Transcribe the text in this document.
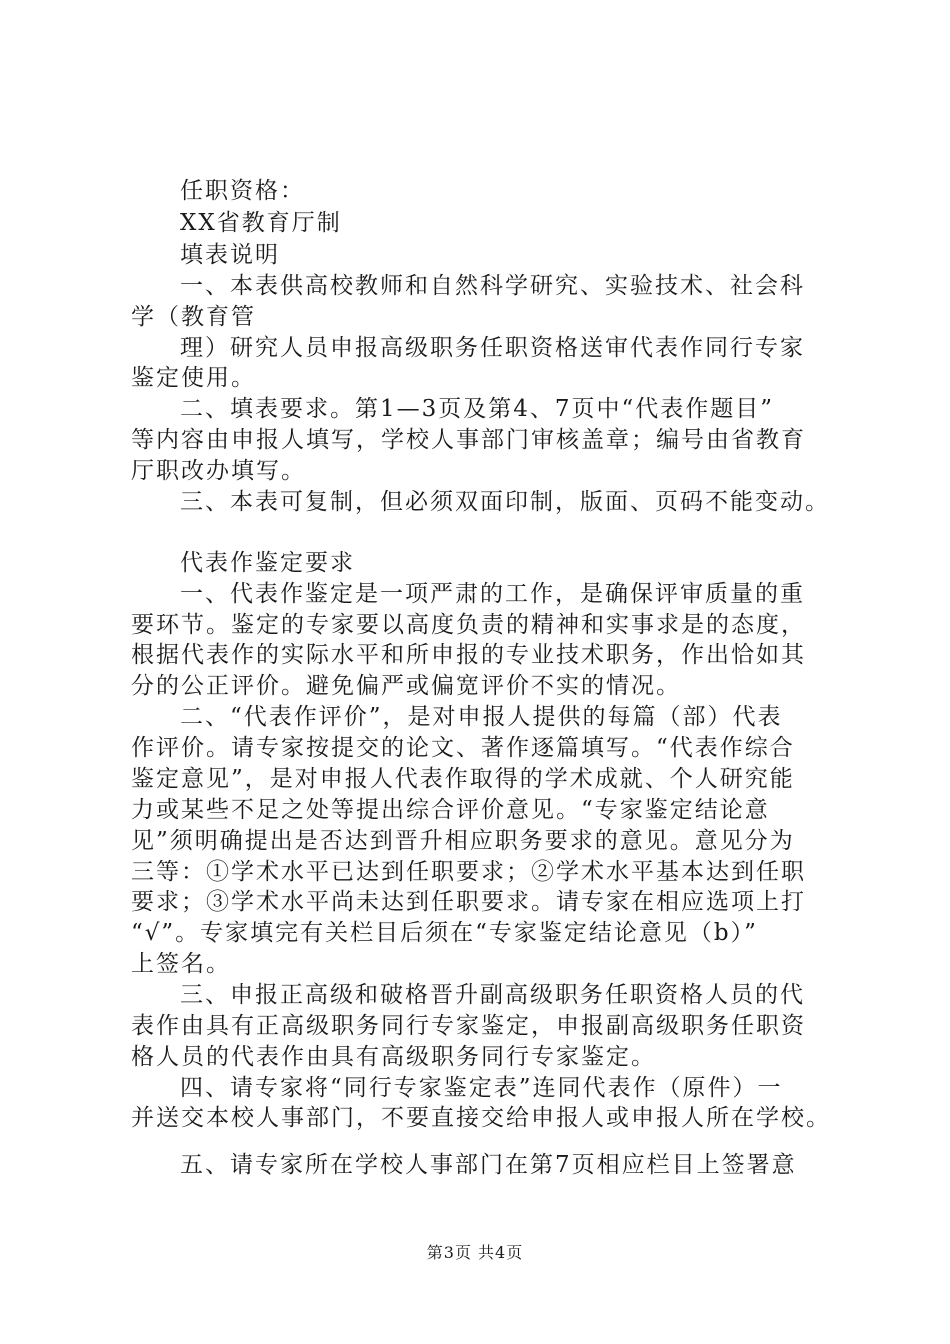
任职资格：
XX省教育厅制
填表说明
一、本表供高校教师和自然科学研究、实验技术、社会科
学（教育管
理）研究人员申报高级职务任职资格送审代表作同行专家
鉴定使用。
二、填表要求。第1—3页及第4、7页中“代表作题目”
等内容由申报人填写，学校人事部门审核盖章；编号由省教育
厅职改办填写。
三、本表可复制，但必须双面印制，版面、页码不能变动。
代表作鉴定要求
一、代表作鉴定是一项严肃的工作，是确保评审质量的重
要环节。鉴定的专家要以高度负责的精神和实事求是的态度，
根据代表作的实际水平和所申报的专业技术职务，作出恰如其
分的公正评价。避免偏严或偏宽评价不实的情况。
二、“代表作评价”，是对申报人提供的每篇（部）代表
作评价。请专家按提交的论文、著作逐篇填写。“代表作综合
鉴定意见”，是对申报人代表作取得的学术成就、个人研究能
力或某些不足之处等提出综合评价意见。“专家鉴定结论意
见”须明确提出是否达到晋升相应职务要求的意见。意见分为
三等：①学术水平已达到任职要求；②学术水平基本达到任职
要求；③学术水平尚未达到任职要求。请专家在相应选项上打
“√”。专家填完有关栏目后须在“专家鉴定结论意见（b）”
上签名。
三、申报正高级和破格晋升副高级职务任职资格人员的代
表作由具有正高级职务同行专家鉴定，申报副高级职务任职资
格人员的代表作由具有高级职务同行专家鉴定。
四、请专家将“同行专家鉴定表”连同代表作（原件）一
并送交本校人事部门，不要直接交给申报人或申报人所在学校。
五、请专家所在学校人事部门在第7页相应栏目上签署意
第3页 共4页
